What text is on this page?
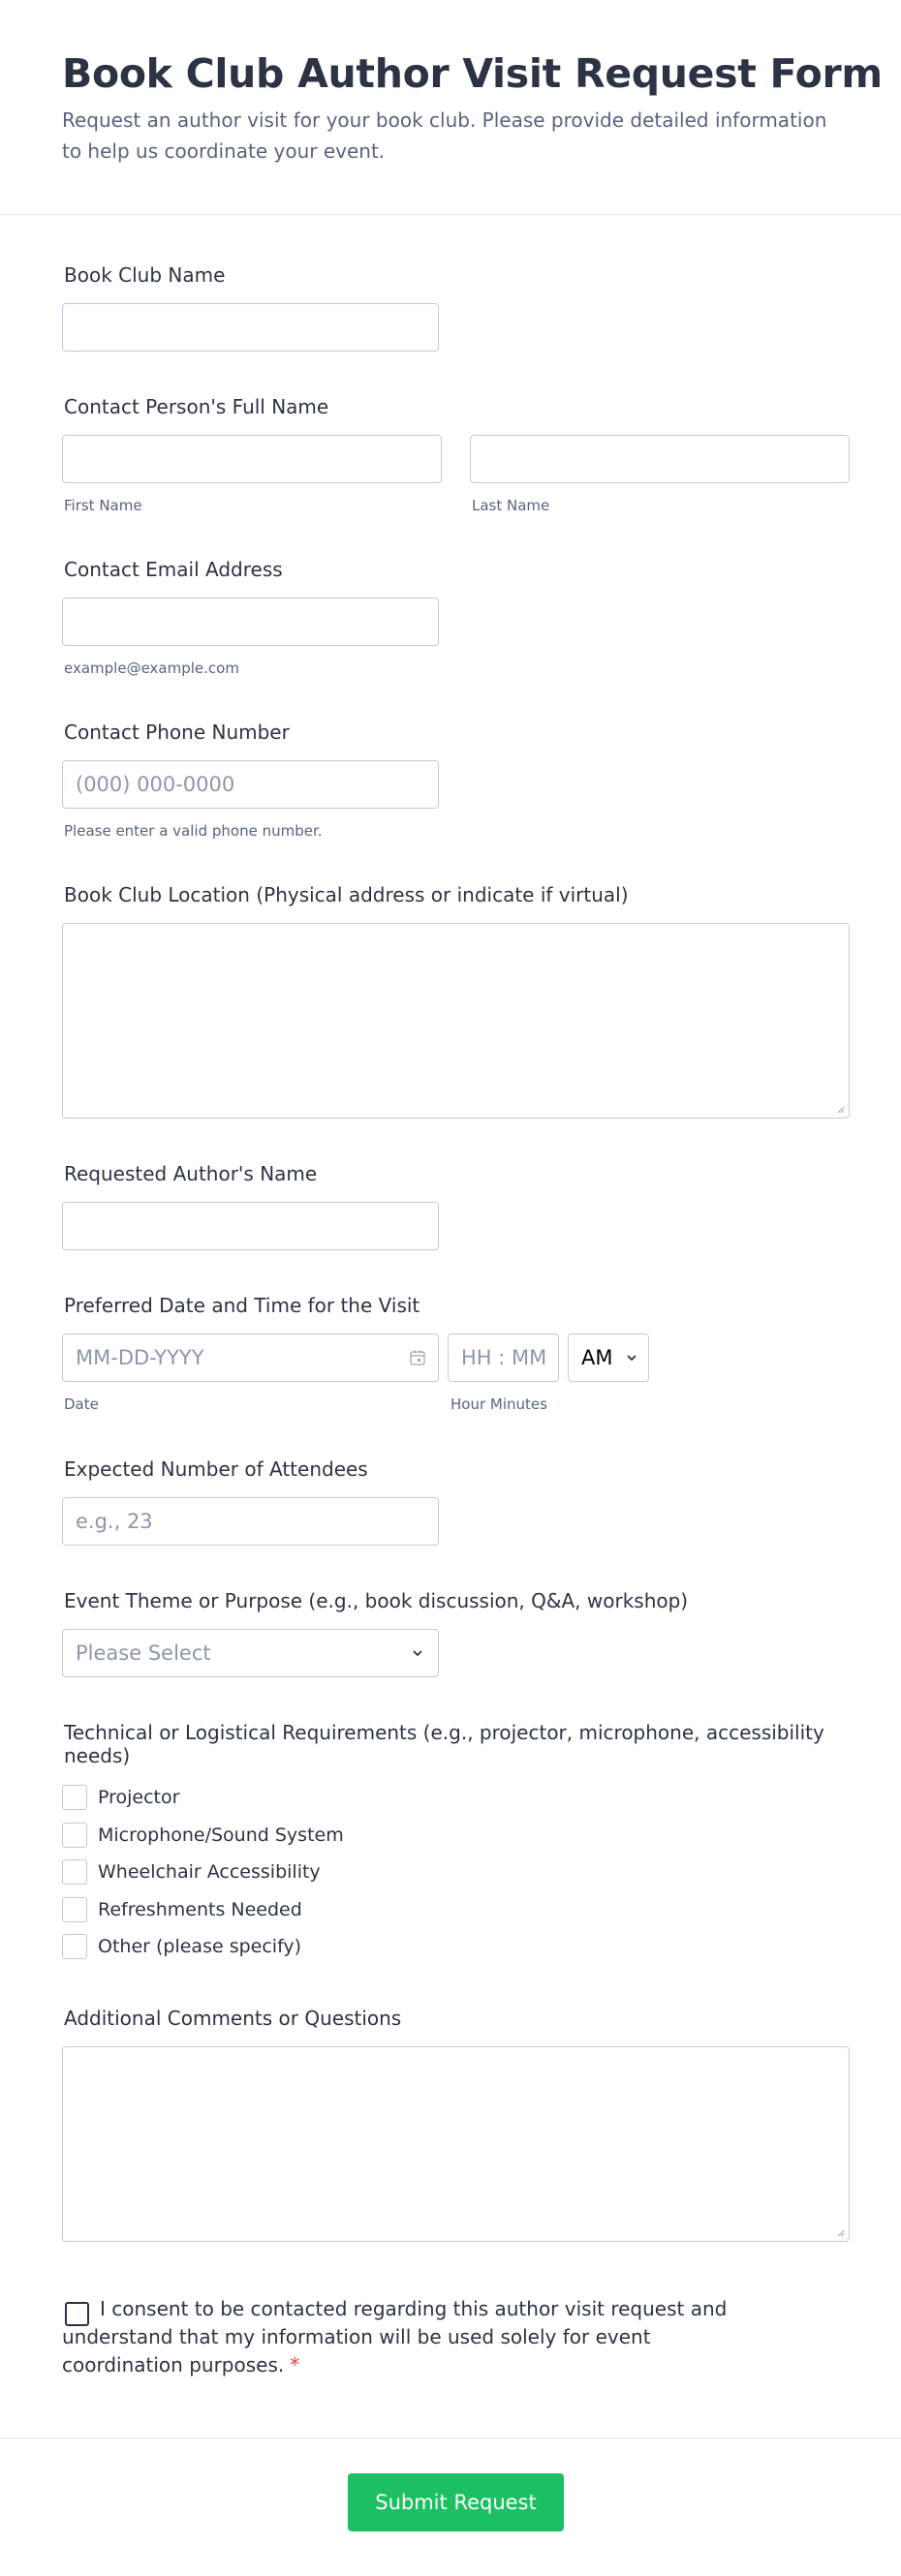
Book Club Author Visit Request Form
Request an author visit for your book club. Please provide detailed information to help us coordinate your event.
Book Club Name
Contact Person's Full Name
First Name	Last Name
Contact Email Address
example@example.com
Contact Phone Number
(000) 000-0000
Please enter a valid phone number.
Book Club Location (Physical address or indicate if virtual)
Requested Author's Name
Preferred Date and Time for the Visit
MM-DD-YYYY	HH : MM	AM
Date	Hour Minutes
Expected Number of Attendees
e.g., 23
Event Theme or Purpose (e.g., book discussion, Q&A, workshop)
Please Select
Technical or Logistical Requirements (e.g., projector, microphone, accessibility needs)
Projector
Microphone/Sound System
Wheelchair Accessibility
Refreshments Needed
Other (please specify)
Additional Comments or Questions
I consent to be contacted regarding this author visit request and understand that my information will be used solely for event coordination purposes. *
Submit Request
